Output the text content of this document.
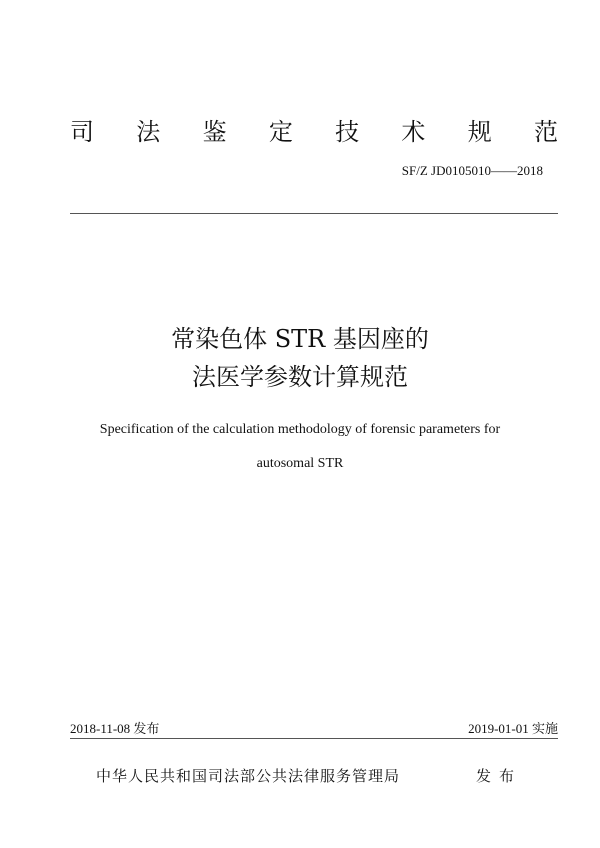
司 法 鉴 定 技 术 规 范
SF/Z JD0105010——2018
常染色体 STR 基因座的
法医学参数计算规范
Specification of the calculation methodology of forensic parameters for
autosomal STR
2018-11-08 发布	2019-01-01 实施
中华人民共和国司法部公共法律服务管理局	发布
